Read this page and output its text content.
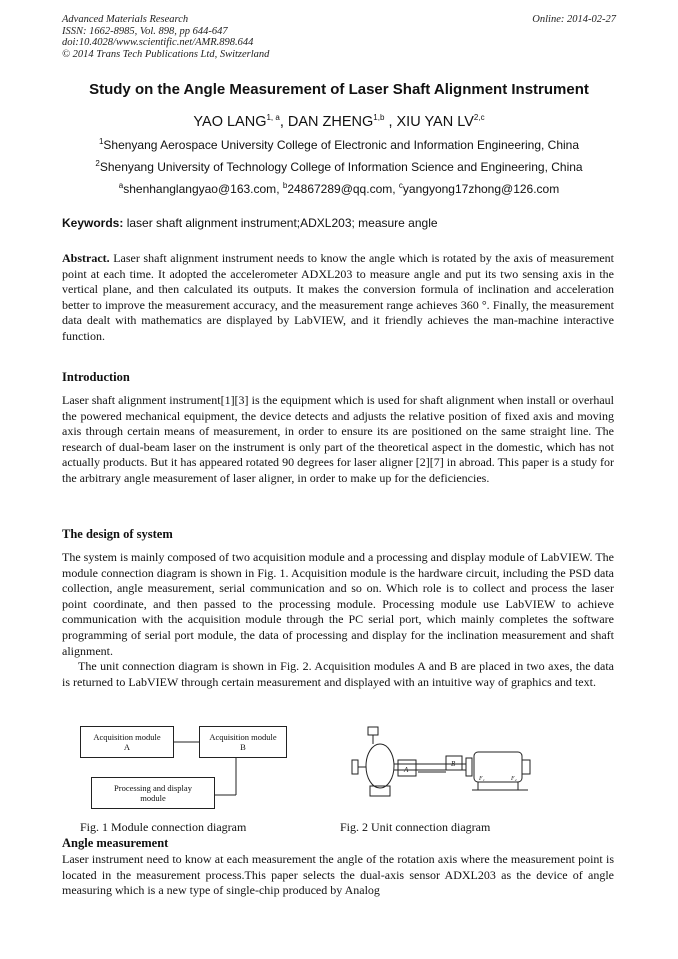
Advanced Materials Research
ISSN: 1662-8985, Vol. 898, pp 644-647
doi:10.4028/www.scientific.net/AMR.898.644
© 2014 Trans Tech Publications Ltd, Switzerland
Online: 2014-02-27
Study on the Angle Measurement of Laser Shaft Alignment Instrument
YAO LANG$^{1, a}$, DAN ZHENG$^{1,b}$ , XIU YAN LV$^{2,c}$
$^1$Shenyang Aerospace University College of Electronic and Information Engineering, China
$^2$Shenyang University of Technology College of Information Science and Engineering, China
$^a$shenhanglangyao@163.com, $^b$24867289@qq.com, $^c$yangyong17zhong@126.com
Keywords: laser shaft alignment instrument;ADXL203; measure angle
Abstract. Laser shaft alignment instrument needs to know the angle which is rotated by the axis of measurement point at each time. It adopted the accelerometer ADXL203 to measure angle and put its two sensing axis in the vertical plane, and then calculated its outputs. It makes the conversion formula of inclination and acceleration better to improve the measurement accuracy, and the measurement range achieves 360 °. Finally, the measurement data dealt with mathematics are displayed by LabVIEW, and it friendly achieves the man-machine interactive function.
Introduction
Laser shaft alignment instrument[1][3] is the equipment which is used for shaft alignment when install or overhaul the powered mechanical equipment, the device detects and adjusts the relative position of fixed axis and moving axis through certain means of measurement, in order to ensure its are positioned on the same straight line. The research of dual-beam laser on the instrument is only part of the theoretical aspect in the domestic, which has not actually products. But it has appeared rotated 90 degrees for laser aligner [2][7] in abroad. This paper is a study for the arbitrary angle measurement of laser aligner, in order to make up for the deficiencies.
The design of system
The system is mainly composed of two acquisition module and a processing and display module of LabVIEW. The module connection diagram is shown in Fig. 1. Acquisition module is the hardware circuit, including the PSD data collection, angle measurement, serial communication and so on. Which role is to collect and process the laser point coordinate, and then passed to the processing module. Processing module use LabVIEW to achieve communication with the acquisition module through the PC serial port, which mainly completes the software programming of serial port module, the data of processing and display for the inclination measurement and shaft alignment.
The unit connection diagram is shown in Fig. 2. Acquisition modules A and B are placed in two axes, the data is returned to LabVIEW through certain measurement and displayed with an intuitive way of graphics and text.
Acquisition module
A
Acquisition module
B
Processing and display
module
A
B
F₁	F₂
Fig. 1 Module connection diagram	Fig. 2 Unit connection diagram
Angle measurement
Laser instrument need to know at each measurement the angle of the rotation axis where the measurement point is located in the measurement process.This paper selects the dual-axis sensor ADXL203 as the device of angle measuring which is a new type of single-chip produced by Analog
